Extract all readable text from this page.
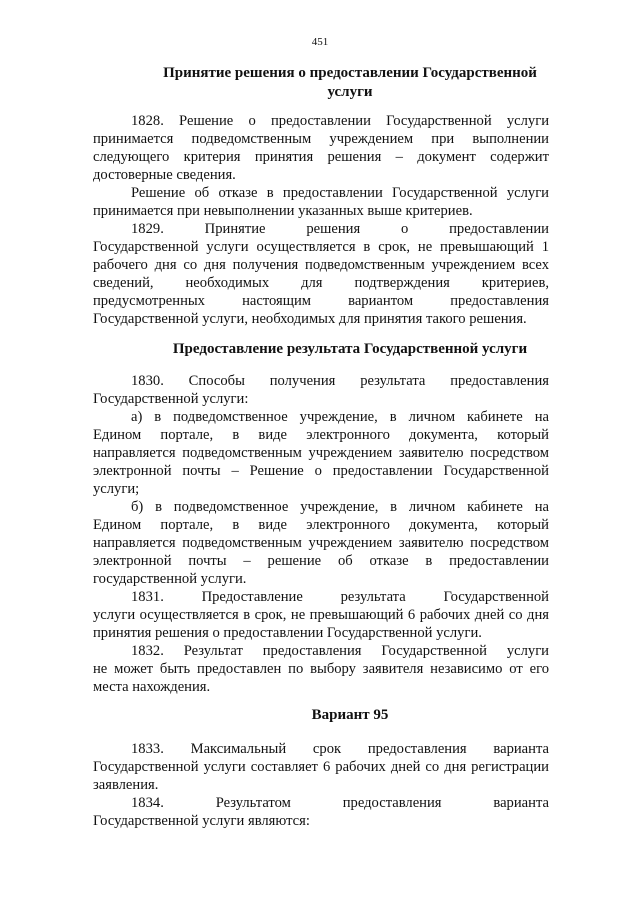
451
Принятие решения о предоставлении Государственной
услуги
1828. Решение о предоставлении Государственной услуги
принимается подведомственным учреждением при выполнении
следующего критерия принятия решения – документ содержит
достоверные сведения.
Решение об отказе в предоставлении Государственной услуги
принимается при невыполнении указанных выше критериев.
1829. Принятие решения о предоставлении
Государственной услуги осуществляется в срок, не превышающий 1
рабочего дня со дня получения подведомственным учреждением всех
сведений, необходимых для подтверждения критериев,
предусмотренных настоящим вариантом предоставления
Государственной услуги, необходимых для принятия такого решения.
Предоставление результата Государственной услуги
1830. Способы получения результата предоставления
Государственной услуги:
а) в подведомственное учреждение, в личном кабинете на
Едином портале, в виде электронного документа, который
направляется подведомственным учреждением заявителю посредством
электронной почты – Решение о предоставлении Государственной
услуги;
б) в подведомственное учреждение, в личном кабинете на
Едином портале, в виде электронного документа, который
направляется подведомственным учреждением заявителю посредством
электронной почты – решение об отказе в предоставлении
государственной услуги.
1831. Предоставление результата Государственной
услуги осуществляется в срок, не превышающий 6 рабочих дней со дня
принятия решения о предоставлении Государственной услуги.
1832. Результат предоставления Государственной услуги
не может быть предоставлен по выбору заявителя независимо от его
места нахождения.
Вариант 95
1833. Максимальный срок предоставления варианта
Государственной услуги составляет 6 рабочих дней со дня регистрации
заявления.
1834. Результатом предоставления варианта
Государственной услуги являются:
